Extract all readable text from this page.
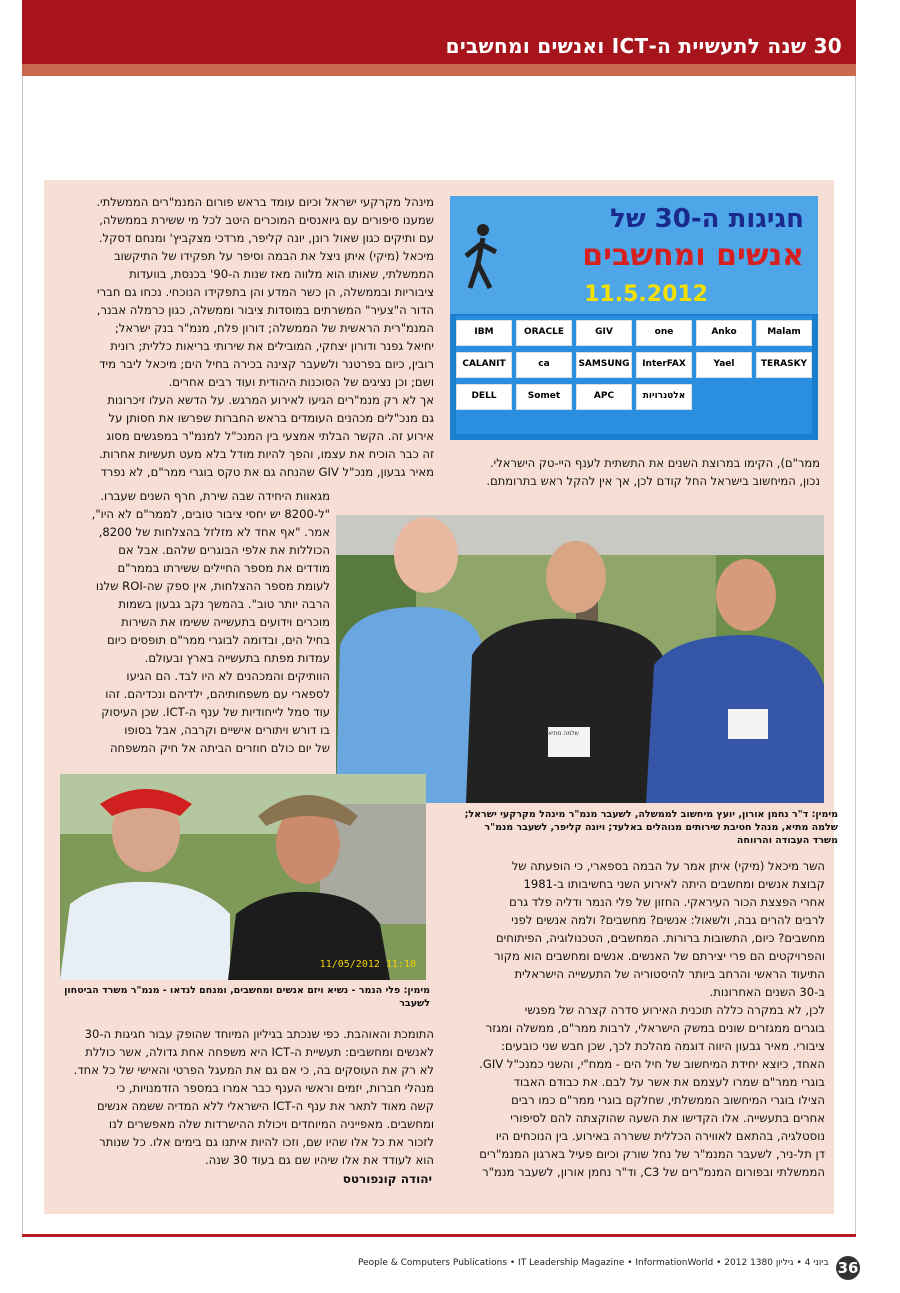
30 שנה לתעשיית ה-ICT ואנשים ומחשבים
מינהל מקרקעי ישראל וכיום עומד בראש פורום המנמ"רים הממשלתי.
שמענו סיפורים עם גיואנסים המוכרים היטב לכל מי ששירת בממשלה,
עם ותיקים כגון שאול רונן, יונה קליפר, מרדכי מצקביץ' ומנחם דסקל.
מיכאל (מיקי) איתן ניצל את הבמה וסיפר על תפקידו של התיקשוב
הממשלתי, שאותו הוא מלווה מאז שנות ה-90' בכנסת, בוועדות
ציבוריות ובממשלה, הן כשר המדע והן בתפקידו הנוכחי. נכחו גם חברי
הדור ה"צעיר" המשרתים במוסדות ציבור וממשלה, כגון כרמלה אבנר,
המנמ"רית הראשית של הממשלה; דורון פלח, מנמ"ר בנק ישראל;
יחיאל גפנר ודורון יצחקי, המובילים את שירותי בריאות כללית; רונית
רובין, כיום בפרטנר ולשעבר קצינה בכירה בחיל הים; מיכאל ליבר מיד
ושם; וכן נציגים של הסוכנות היהודית ועוד רבים אחרים.
אך לא רק מנמ"רים הגיעו לאירוע המרגש. על הדשא העלו זיכרונות
גם מנכ"לים מכהנים העומדים בראש החברות שפרשו את חסותן על
אירוע זה. הקשר הבלתי אמצעי בין המנכ"ל למנמ"ר במפגשים מסוג
זה כבר הוכיח את עצמו, והפך להיות מודל בלא מעט תעשיות אחרות.
מאיר גבעון, מנכ"ל GIV שהנחה גם את טקס בוגרי ממר"ם, לא נפרד
חגיגות ה-30 של
אנשים ומחשבים
11.5.2012
IBM	ORACLE	GIV	one	Anko	Malam
CALANIT	ca	SAMSUNG	InterFAX	Yael	TERASKY
DELL	Somet	APC	אלטנרויות
ממר"ם), הקימו במרוצת השנים את התשתית לענף היי-טק הישראלי.
נכון, המיחשוב בישראל החל קודם לכן, אך אין להקל ראש בתרומתם.
מגאוות היחידה שבה שירת, חרף השנים שעברו.
"ל-8200 יש יחסי ציבור טובים, לממר"ם לא היו",
אמר. "אף אחד לא מזלזל בהצלחות של 8200,
הכוללות את אלפי הבוגרים שלהם. אבל אם
מודדים את מספר החיילים ששירתו בממר"ם
לעומת מספר ההצלחות, אין ספק שה-ROI שלנו
הרבה יותר טוב". בהמשך נקב גבעון בשמות
מוכרים וידועים בתעשייה ששימו את השירות
בחיל הים, ובדומה לבוגרי ממר"ם תופסים כיום
עמדות מפתח בתעשייה בארץ ובעולם.
הוותיקים והמכהנים לא היו לבד. הם הגיעו
לספארי עם משפחותיהם, ילדיהם ונכדיהם. זהו
עוד סמל לייחודיות של ענף ה-ICT. שכן העיסוק
בו דורש ויתורים אישיים וקרבה, אבל בסופו
של יום כולם חוזרים הביתה אל חיק המשפחה
מימין: ד"ר נחמן אורון, יועץ מיחשוב לממשלה, לשעבר מנמ"ר מינהל מקרקעי ישראל;
שלמה מתיא, מנהל חטיבת שירותים מנוהלים באלעד; ויונה קליפר, לשעבר מנמ"ר
משרד העבודה והרווחה
שלמה מתיא
השר מיכאל (מיקי) איתן אמר על הבמה בספארי, כי הופעתה של
קבוצת אנשים ומחשבים היתה לאירוע השני בחשיבותו ב-1981
אחרי הפצצת הכור העיראקי. החזון של פלי הנמר ודליה פלד גרם
לרבים להרים גבה, ולשאול: אנשים? מחשבים? ולמה אנשים לפני
מחשבים? כיום, התשובות ברורות. המחשבים, הטכנולוגיה, הפיתוחים
והפרויקטים הם פרי יצירתם של האנשים. אנשים ומחשבים הוא מקור
התיעוד הראשי והרחב ביותר להיסטוריה של התעשייה הישראלית
ב-30 השנים האחרונות.
לכן, לא במקרה כללה תוכנית האירוע סדרה קצרה של מפגשי
בוגרים ממגזרים שונים במשק הישראלי, לרבות ממר"ם, ממשלה ומגזר
ציבורי. מאיר גבעון היווה דוגמה מהלכת לכך, שכן חבש שני כובעים:
האחד, כיוצא יחידת המיחשוב של חיל הים - ממח"י, והשני כמנכ"ל GIV.
בוגרי ממר"ם שמרו לעצמם את אשר על לבם. את כבודם האבוד
הצילו בוגרי המיחשוב הממשלתי, שחלקם בוגרי ממר"ם כמו רבים
אחרים בתעשייה. אלו הקדישו את השעה שהוקצתה להם לסיפורי
נוסטלגיה, בהתאם לאווירה הכללית ששררה באירוע. בין הנוכחים היו
דן תל-ניר, לשעבר המנמ"ר של נחל שורק וכיום פעיל בארגון המנמ"רים
הממשלתי ובפורום המנמ"רים של C3, וד"ר נחמן אורון, לשעבר מנמ"ר
11/05/2012 11:10
מימין: פלי הנמר - נשיא ויזם אנשים ומחשבים, ומנחם לנדאו - מנמ"ר משרד הביטחון
לשעבר
התומכת והאוהבת. כפי שנכתב בגיליון המיוחד שהופק עבור חגיגות ה-30
לאנשים ומחשבים: תעשיית ה-ICT היא משפחה אחת גדולה, אשר כוללת
לא רק את העוסקים בה, כי אם גם את המעגל הפרטי והאישי של כל אחד.
מנהלי חברות, יזמים וראשי הענף כבר אמרו במספר הזדמנויות, כי
קשה מאוד לתאר את ענף ה-ICT הישראלי ללא המדיה ששמה אנשים
ומחשבים. מאפייניה המיוחדים ויכולת ההישרדות שלה מאפשרים לנו
לזכור את כל אלו שהיו שם, וזכו להיות איתנו גם בימים אלו. כל שנותר
הוא לעודד את אלו שיהיו שם גם בעוד 30 שנה.
יהודה קונפורטס
People & Computers Publications • IT Leadership Magazine • InformationWorld • 2012 ביוני 4 • גיליון 1380 36
